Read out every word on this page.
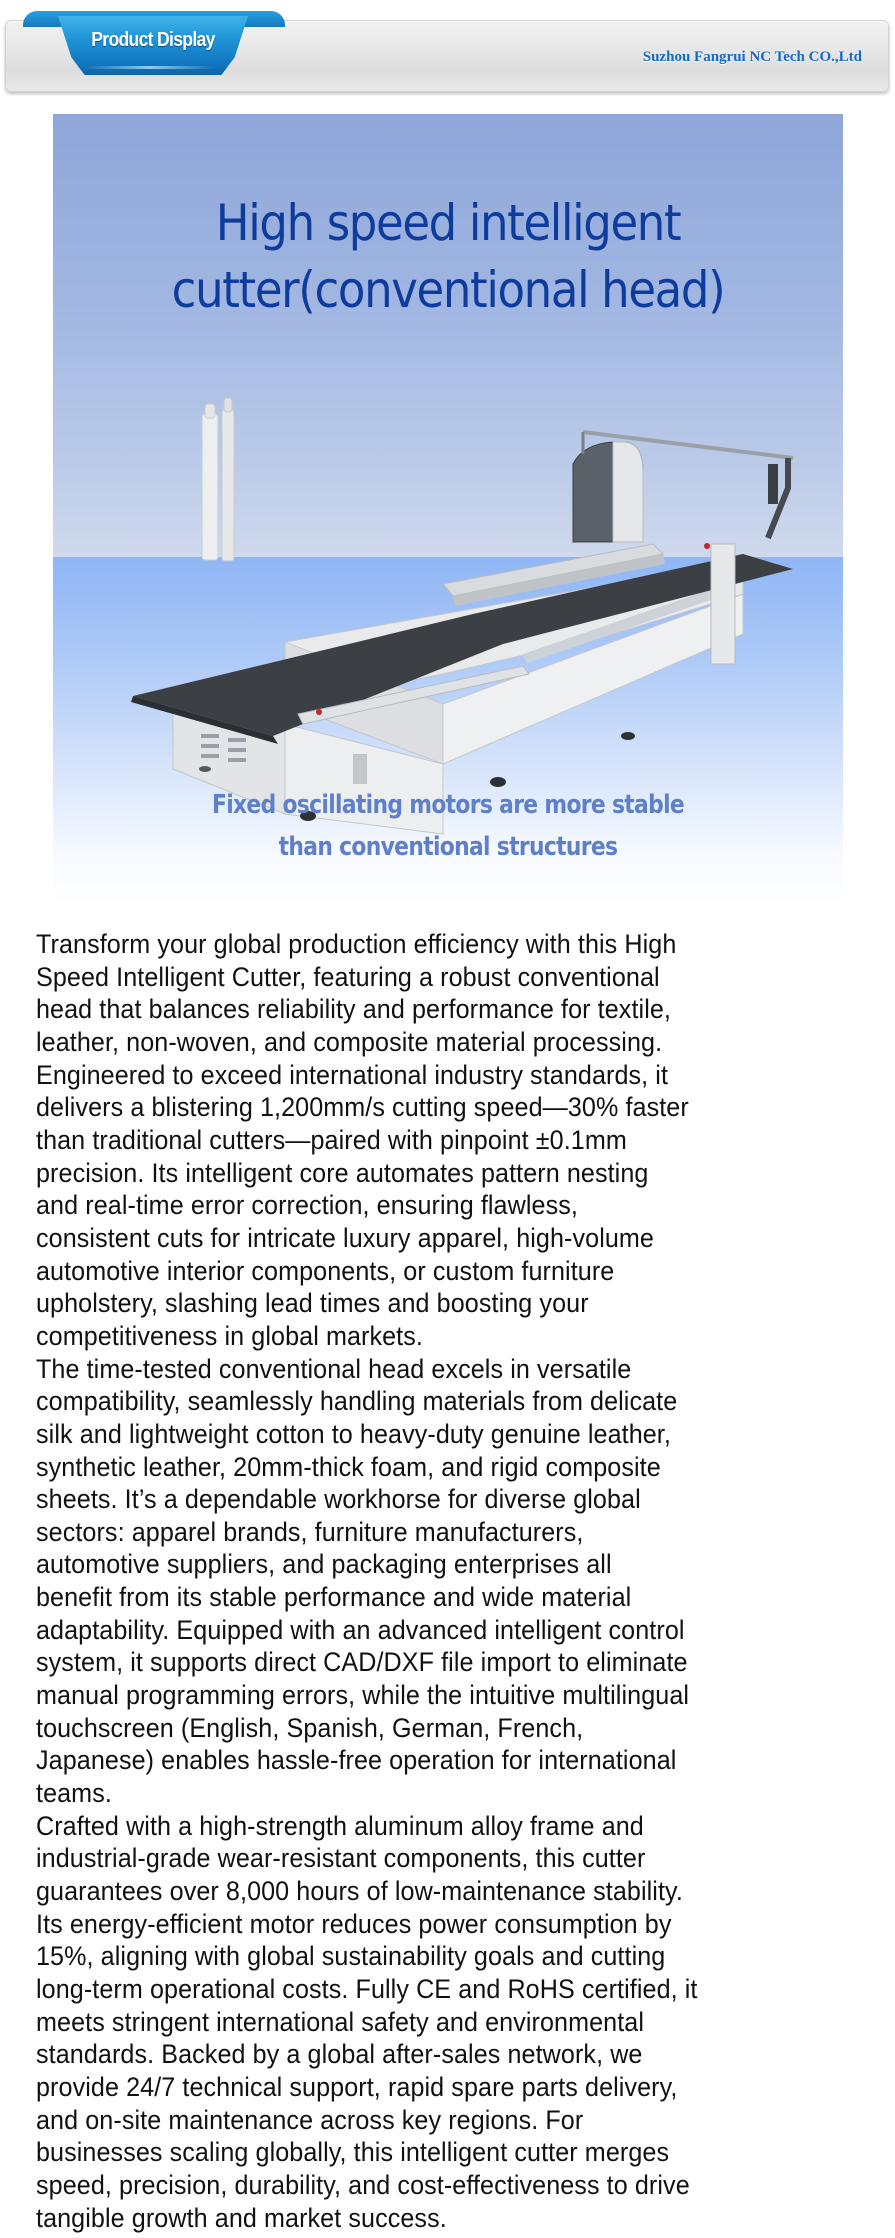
Product Display
Suzhou Fangrui NC Tech CO.,Ltd
High speed intelligent
cutter(conventional head)
Fixed oscillating motors are more stable
than conventional structures
Transform your global production efficiency with this High
Speed Intelligent Cutter, featuring a robust conventional
head that balances reliability and performance for textile,
leather, non-woven, and composite material processing.
Engineered to exceed international industry standards, it
delivers a blistering 1,200mm/s cutting speed—30% faster
than traditional cutters—paired with pinpoint ±0.1mm
precision. Its intelligent core automates pattern nesting
and real-time error correction, ensuring flawless,
consistent cuts for intricate luxury apparel, high-volume
automotive interior components, or custom furniture
upholstery, slashing lead times and boosting your
competitiveness in global markets.
The time-tested conventional head excels in versatile
compatibility, seamlessly handling materials from delicate
silk and lightweight cotton to heavy-duty genuine leather,
synthetic leather, 20mm-thick foam, and rigid composite
sheets. It’s a dependable workhorse for diverse global
sectors: apparel brands, furniture manufacturers,
automotive suppliers, and packaging enterprises all
benefit from its stable performance and wide material
adaptability. Equipped with an advanced intelligent control
system, it supports direct CAD/DXF file import to eliminate
manual programming errors, while the intuitive multilingual
touchscreen (English, Spanish, German, French,
Japanese) enables hassle-free operation for international
teams.
Crafted with a high-strength aluminum alloy frame and
industrial-grade wear-resistant components, this cutter
guarantees over 8,000 hours of low-maintenance stability.
Its energy-efficient motor reduces power consumption by
15%, aligning with global sustainability goals and cutting
long-term operational costs. Fully CE and RoHS certified, it
meets stringent international safety and environmental
standards. Backed by a global after-sales network, we
provide 24/7 technical support, rapid spare parts delivery,
and on-site maintenance across key regions. For
businesses scaling globally, this intelligent cutter merges
speed, precision, durability, and cost-effectiveness to drive
tangible growth and market success.
